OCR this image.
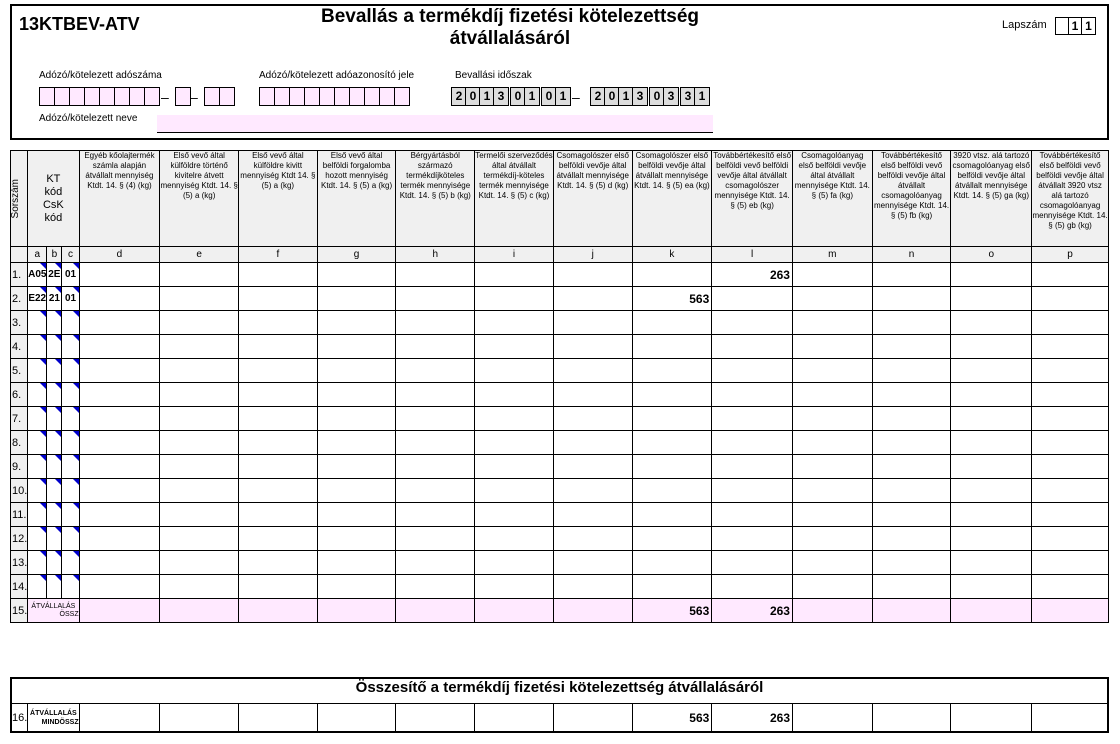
13KTBEV-ATV	Bevallás a termékdíj fizetési kötelezettség
átvállalásáról
Lapszám	1 1
Adózó/kötelezett adószáma	Adózó/kötelezett adóazonosító jele	Bevallási időszak
Adózó/kötelezett neve
– –	2 0 1 3 0 1 0 1	2 0 1 3 0 3 3 1
–
Sorszám	KT kód CsK kód			Egyéb kőolajtermék számla alapján átvállalt mennyiség Ktdt. 14. § (4) (kg)	Első vevő által külföldre történő kivitelre átvett mennyiség Ktdt. 14. § (5) a (kg)	Első vevő által külföldre kivitt mennyiség Ktdt 14. § (5) a (kg)	Első vevő által belföldi forgalomba hozott mennyiség Ktdt. 14. § (5) a (kg)	Bérgyártásból származó termékdíjköteles termék mennyisége Ktdt. 14. § (5) b (kg)	Termelői szerveződés által átvállalt termékdíj-köteles termék mennyisége Ktdt. 14. § (5) c (kg)	Csomagolószer első belföldi vevője által átvállalt mennyisége Ktdt. 14. § (5) d (kg)	Csomagolószer első belföldi vevője által átvállalt mennyisége Ktdt. 14. § (5) ea (kg)	Továbbértékesítő első belföldi vevő belföldi vevője által átvállalt csomagolószer mennyisége Ktdt. 14. § (5) eb (kg)	Csomagolóanyag első belföldi vevője által átvállalt mennyisége Ktdt. 14. § (5) fa (kg)	Továbbértékesítő első belföldi vevő belföldi vevője által átvállalt csomagolóanyag mennyisége Ktdt. 14. § (5) fb (kg)	3920 vtsz. alá tartozó csomagolóanyag első belföldi vevője által átvállalt mennyisége Ktdt. 14. § (5) ga (kg)	Továbbértékesítő első belföldi vevő belföldi vevője által átvállalt 3920 vtsz alá tartozó csomagolóanyag mennyisége Ktdt. 14. § (5) gb (kg)

	a	b	c	d	e	f	g	h	i	j	k	l	m	n	o	p
1.	A05	2E	01									263				
2.	E22	21	01								563					
3.	

4.	

5.	

6.	

7.	

8.	

9.	

10.	

11.	

12.	

13.	

14.	

15.	ÁTVÁLLALÁS
ÖSSZ										563	263				
Összesítő a termékdíj fizetési kötelezettség átvállalásáról
16.	ÁTVÁLLALÁS
MINDÖSSZ								563	263				
